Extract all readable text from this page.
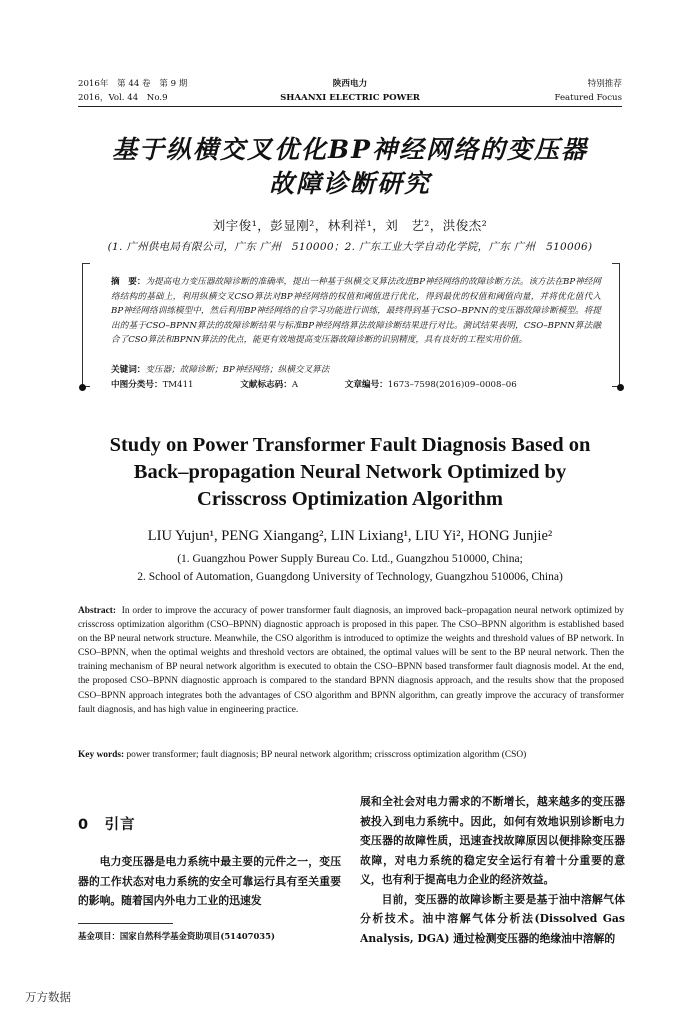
2016年　第 44 卷　第 9 期	陕西电力	特别推荐
2016，Vol. 44　No.9	SHAANXI ELECTRIC POWER	Featured Focus
基于纵横交叉优化BP神经网络的变压器
故障诊断研究
刘宇俊¹，彭显刚²，林利祥¹，刘　艺²，洪俊杰²
(1. 广州供电局有限公司，广东 广州　510000；2. 广东工业大学自动化学院，广东 广州　510006)
摘　要：为提高电力变压器故障诊断的准确率，提出一种基于纵横交叉算法改进BP神经网络的故障诊断方法。该方法在BP神经网络结构的基础上，利用纵横交叉CSO算法对BP神经网络的权值和阈值进行优化，得到最优的权值和阈值向量，并将优化值代入BP神经网络训练模型中，然后利用BP神经网络的自学习功能进行训练，最终得到基于CSO–BPNN的变压器故障诊断模型。将提出的基于CSO–BPNN算法的故障诊断结果与标准BP神经网络算法故障诊断结果进行对比。测试结果表明，CSO–BPNN算法融合了CSO算法和BPNN算法的优点，能更有效地提高变压器故障诊断的识别精度，具有良好的工程实用价值。
关键词：变压器；故障诊断；BP神经网络；纵横交叉算法
中图分类号：TM411	文献标志码：A	文章编号：1673–7598(2016)09–0008–06
Study on Power Transformer Fault Diagnosis Based on
Back–propagation Neural Network Optimized by
Crisscross Optimization Algorithm
LIU Yujun¹, PENG Xiangang², LIN Lixiang¹, LIU Yi², HONG Junjie²
(1. Guangzhou Power Supply Bureau Co. Ltd., Guangzhou 510000, China;
2. School of Automation, Guangdong University of Technology, Guangzhou 510006, China)
Abstract: In order to improve the accuracy of power transformer fault diagnosis, an improved back–propagation neural network optimized by crisscross optimization algorithm (CSO–BPNN) diagnostic approach is proposed in this paper. The CSO–BPNN algorithm is established based on the BP neural network structure. Meanwhile, the CSO algorithm is introduced to optimize the weights and threshold values of BP network. In CSO–BPNN, when the optimal weights and threshold vectors are obtained, the optimal values will be sent to the BP neural network. Then the training mechanism of BP neural network algorithm is executed to obtain the CSO–BPNN based transformer fault diagnosis model. At the end, the proposed CSO–BPNN diagnostic approach is compared to the standard BPNN diagnosis approach, and the results show that the proposed CSO–BPNN approach integrates both the advantages of CSO algorithm and BPNN algorithm, can greatly improve the accuracy of transformer fault diagnosis, and has high value in engineering practice.
Key words: power transformer; fault diagnosis; BP neural network algorithm; crisscross optimization algorithm (CSO)
0　引言

电力变压器是电力系统中最主要的元件之一，变压器的工作状态对电力系统的安全可靠运行具有至关重要的影响。随着国内外电力工业的迅速发

展和全社会对电力需求的不断增长，越来越多的变压器被投入到电力系统中。因此，如何有效地识别诊断电力变压器的故障性质，迅速查找故障原因以便排除变压器故障，对电力系统的稳定安全运行有着十分重要的意义，也有利于提高电力企业的经济效益。

目前，变压器的故障诊断主要是基于油中溶解气体分析技术。油中溶解气体分析法(Dissolved Gas Analysis, DGA) 通过检测变压器的绝缘油中溶解的

基金项目：国家自然科学基金资助项目(51407035)
万方数据
